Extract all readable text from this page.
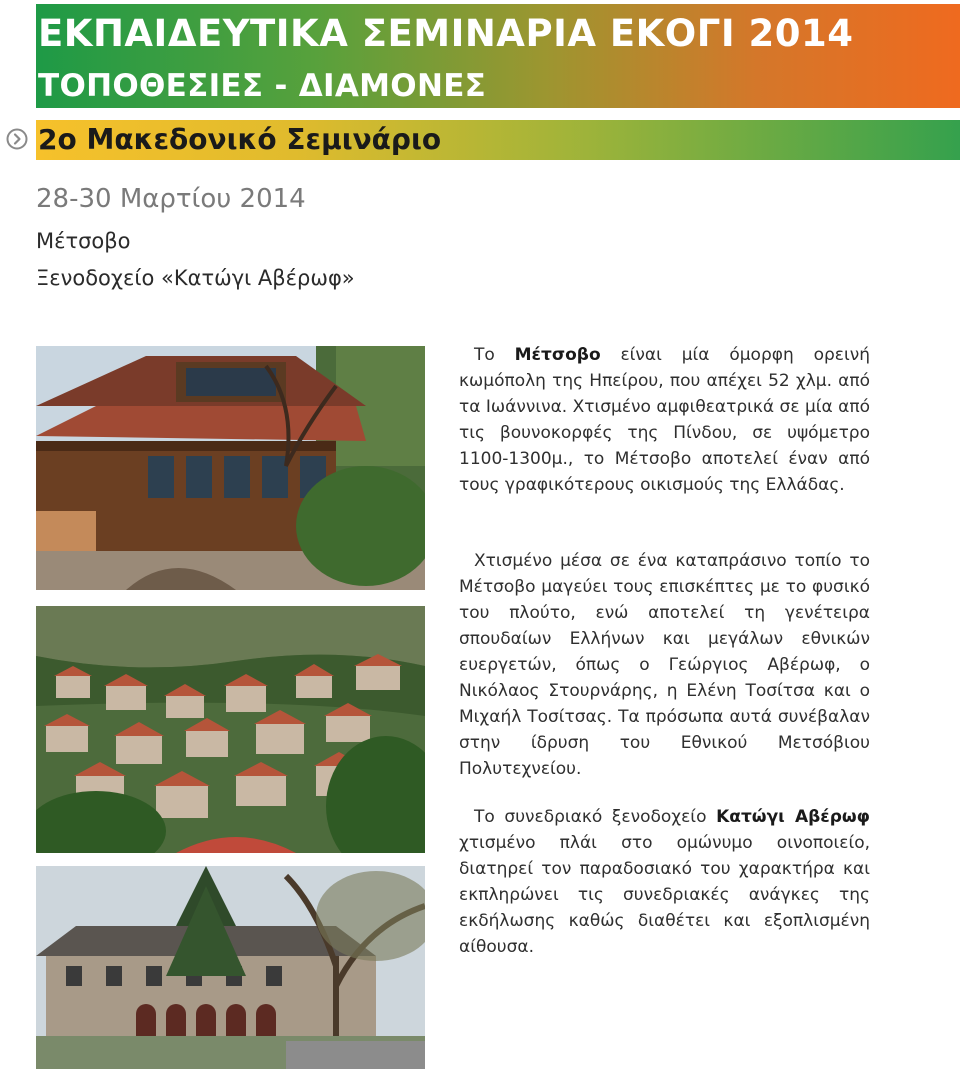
ΕΚΠΑΙΔΕΥΤΙΚΑ ΣΕΜΙΝΑΡΙΑ ΕΚΟΓΙ 2014
ΤΟΠΟΘΕΣΙΕΣ - ΔΙΑΜΟΝΕΣ
2ο Μακεδονικό Σεμινάριο

28-30 Μαρτίου 2014

Μέτσοβο

Ξενοδοχείο «Κατώγι Αβέρωφ»

Το Μέτσοβο είναι μία όμορφη ορεινή κωμόπολη της Ηπείρου, που απέχει 52 χλμ. από τα Ιωάννινα. Χτισμένο αμφιθεατρικά σε μία από τις βουνοκορφές της Πίνδου, σε υψόμετρο 1100-1300μ., το Μέτσοβο αποτελεί έναν από τους γραφικότερους οικισμούς της Ελλάδας.

Χτισμένο μέσα σε ένα καταπράσινο τοπίο το Μέτσοβο μαγεύει τους επισκέπτες με το φυσικό του πλούτο, ενώ αποτελεί τη γενέτειρα σπουδαίων Ελλήνων και μεγάλων εθνικών ευεργετών, όπως ο Γεώργιος Αβέρωφ, ο Νικόλαος Στουρνάρης, η Ελένη Τοσίτσα και ο Μιχαήλ Τοσίτσας. Τα πρόσωπα αυτά συνέβαλαν στην ίδρυση του Εθνικού Μετσόβιου Πολυτεχνείου.

Το συνεδριακό ξενοδοχείο Κατώγι Αβέρωφ χτισμένο πλάι στο ομώνυμο οινοποιείο, διατηρεί τον παραδοσιακό του χαρακτήρα και εκπληρώνει τις συνεδριακές ανάγκες της εκδήλωσης καθώς διαθέτει και εξοπλισμένη αίθουσα.
